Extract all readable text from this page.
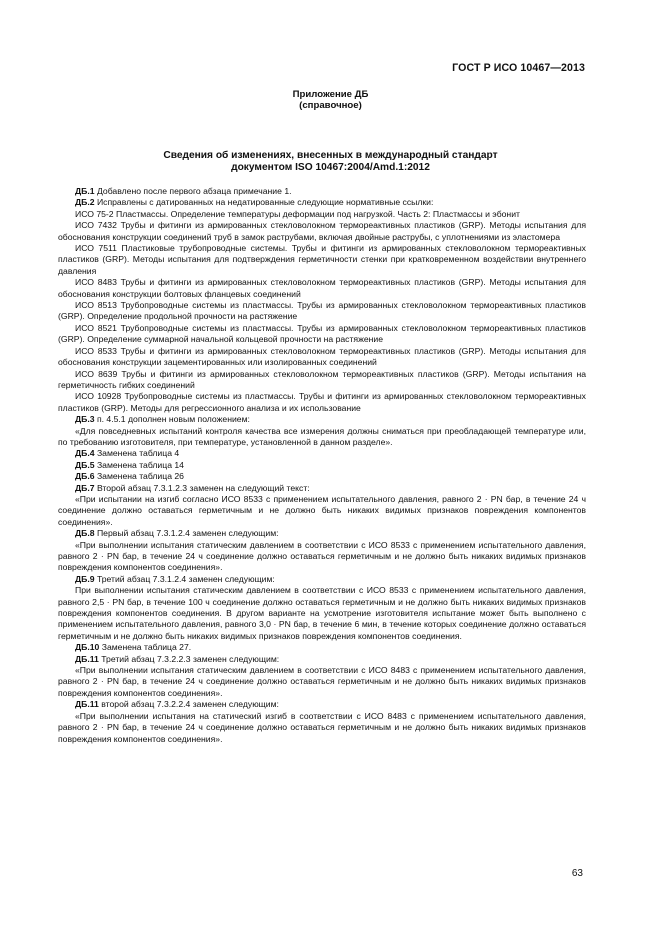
ГОСТ Р ИСО 10467—2013
Приложение ДБ
(справочное)
Сведения об изменениях, внесенных в международный стандарт
документом ISO 10467:2004/Amd.1:2012

ДБ.1 Добавлено после первого абзаца примечание 1.

ДБ.2 Исправлены с датированных на недатированные следующие нормативные ссылки:

ИСО 75-2 Пластмассы. Определение температуры деформации под нагрузкой. Часть 2: Пластмассы и эбонит

ИСО 7432 Трубы и фитинги из армированных стекловолокном термореактивных пластиков (GRP). Методы испытания для обоснования конструкции соединений труб в замок раструбами, включая двойные раструбы, с уплотнениями из эластомера

ИСО 7511 Пластиковые трубопроводные системы. Трубы и фитинги из армированных стекловолокном термореактивных пластиков (GRP). Методы испытания для подтверждения герметичности стенки при кратковременном воздействии внутреннего давления

ИСО 8483 Трубы и фитинги из армированных стекловолокном термореактивных пластиков (GRP). Методы испытания для обоснования конструкции болтовых фланцевых соединений

ИСО 8513 Трубопроводные системы из пластмассы. Трубы из армированных стекловолокном термореактивных пластиков (GRP). Определение продольной прочности на растяжение

ИСО 8521 Трубопроводные системы из пластмассы. Трубы из армированных стекловолокном термореактивных пластиков (GRP). Определение суммарной начальной кольцевой прочности на растяжение

ИСО 8533 Трубы и фитинги из армированных стекловолокном термореактивных пластиков (GRP). Методы испытания для обоснования конструкции зацементированных или изолированных соединений

ИСО 8639 Трубы и фитинги из армированных стекловолокном термореактивных пластиков (GRP). Методы испытания на герметичность гибких соединений

ИСО 10928 Трубопроводные системы из пластмассы. Трубы и фитинги из армированных стекловолокном термореактивных пластиков (GRP). Методы для регрессионного анализа и их использование

ДБ.3 п. 4.5.1 дополнен новым положением:

«Для повседневных испытаний контроля качества все измерения должны сниматься при преобладающей температуре или, по требованию изготовителя, при температуре, установленной в данном разделе».

ДБ.4 Заменена таблица 4

ДБ.5 Заменена таблица 14

ДБ.6 Заменена таблица 26

ДБ.7 Второй абзац 7.3.1.2.3 заменен на следующий текст:

«При испытании на изгиб согласно ИСО 8533 с применением испытательного давления, равного 2 · PN бар, в течение 24 ч соединение должно оставаться герметичным и не должно быть никаких видимых признаков повреждения компонентов соединения».

ДБ.8 Первый абзац 7.3.1.2.4 заменен следующим:

«При выполнении испытания статическим давлением в соответствии с ИСО 8533 с применением испытательного давления, равного 2 · PN бар, в течение 24 ч соединение должно оставаться герметичным и не должно быть никаких видимых признаков повреждения компонентов соединения».

ДБ.9 Третий абзац 7.3.1.2.4 заменен следующим:

При выполнении испытания статическим давлением в соответствии с ИСО 8533 с применением испытательного давления, равного 2,5 · PN бар, в течение 100 ч соединение должно оставаться герметичным и не должно быть никаких видимых признаков повреждения компонентов соединения. В другом варианте на усмотрение изготовителя испытание может быть выполнено с применением испытательного давления, равного 3,0 · PN бар, в течение 6 мин, в течение которых соединение должно оставаться герметичным и не должно быть никаких видимых признаков повреждения компонентов соединения.

ДБ.10 Заменена таблица 27.

ДБ.11 Третий абзац 7.3.2.2.3 заменен следующим:

«При выполнении испытания статическим давлением в соответствии с ИСО 8483 с применением испытательного давления, равного 2 · PN бар, в течение 24 ч соединение должно оставаться герметичным и не должно быть никаких видимых признаков повреждения компонентов соединения».

ДБ.11 второй абзац 7.3.2.2.4 заменен следующим:

«При выполнении испытания на статический изгиб в соответствии с ИСО 8483 с применением испытательного давления, равного 2 · PN бар, в течение 24 ч соединение должно оставаться герметичным и не должно быть никаких видимых признаков повреждения компонентов соединения».

63
